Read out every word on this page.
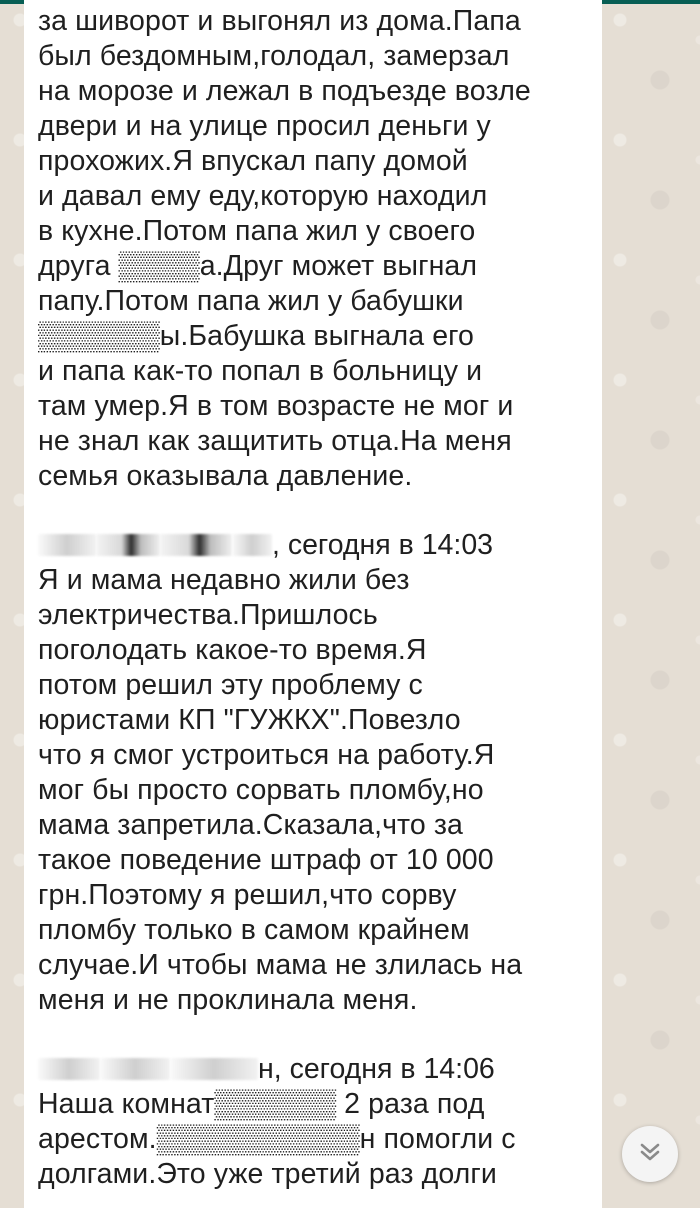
за шиворот и выгонял из дома.Папа
был бездомным,голодал, замерзал
на морозе и лежал в подъезде возле
двери и на улице просил деньги у
прохожих.Я впускал папу домой
и давал ему еду,которую находил
в кухне.Потом папа жил у своего
друга ▒▒▒▒а.Друг может выгнал
папу.Потом папа жил у бабушки
▒▒▒▒▒▒ы.Бабушка выгнала его
и папа как-то попал в больницу и
там умер.Я в том возрасте не мог и
не знал как защитить отца.На меня
семья оказывала давление.

, сегодня в 14:03

Я и мама недавно жили без
электричества.Пришлось
поголодать какое-то время.Я
потом решил эту проблему с
юристами КП "ГУЖКХ".Повезло
что я смог устроиться на работу.Я
мог бы просто сорвать пломбу,но
мама запретила.Сказала,что за
такое поведение штраф от 10 000
грн.Поэтому я решил,что сорву
пломбу только в самом крайнем
случае.И чтобы мама не злилась на
меня и не проклинала меня.

н, сегодня в 14:06

Наша комнат▒▒▒▒▒▒ 2 раза под
арестом.▒▒▒▒▒▒▒▒▒▒н помогли с
долгами.Это уже третий раз долги
